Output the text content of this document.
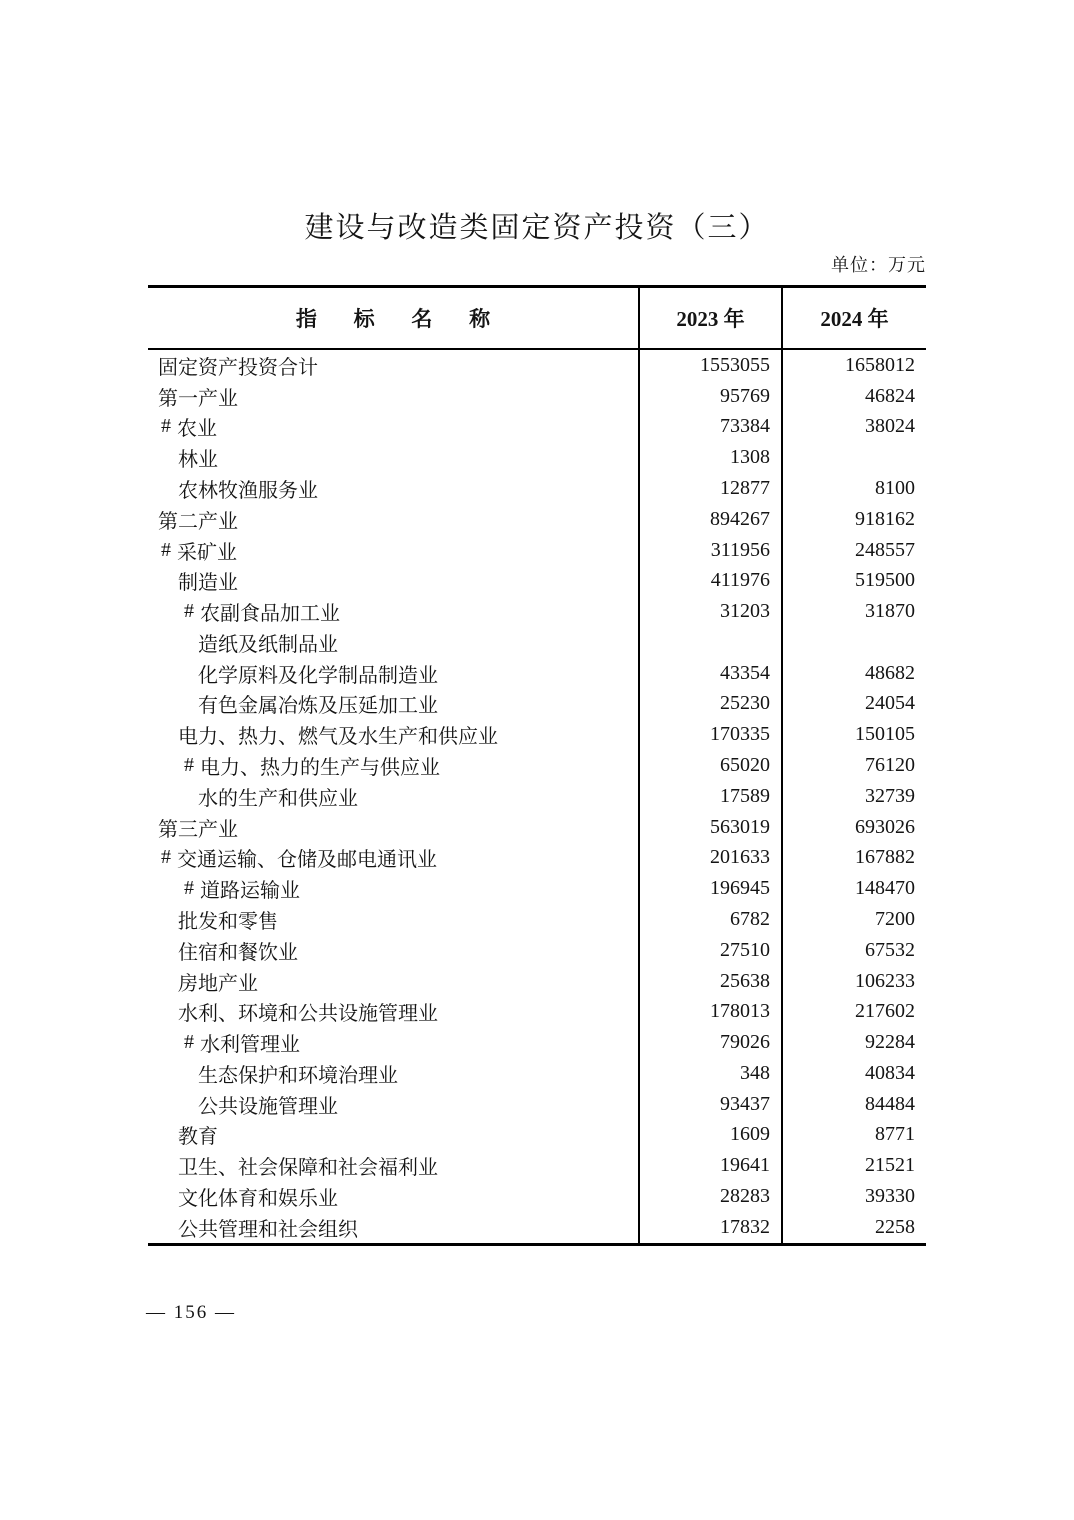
建设与改造类固定资产投资（三）
单位：万元
指标名称	2023 年	2024 年
固定资产投资合计	1553055	1658012
第一产业	95769	46824
# 农业	73384	38024
林业	1308
农林牧渔服务业	12877	8100
第二产业	894267	918162
# 采矿业	311956	248557
制造业	411976	519500
# 农副食品加工业	31203	31870
造纸及纸制品业
化学原料及化学制品制造业	43354	48682
有色金属冶炼及压延加工业	25230	24054
电力、热力、燃气及水生产和供应业	170335	150105
# 电力、热力的生产与供应业	65020	76120
水的生产和供应业	17589	32739
第三产业	563019	693026
# 交通运输、仓储及邮电通讯业	201633	167882
# 道路运输业	196945	148470
批发和零售	6782	7200
住宿和餐饮业	27510	67532
房地产业	25638	106233
水利、环境和公共设施管理业	178013	217602
# 水利管理业	79026	92284
生态保护和环境治理业	348	40834
公共设施管理业	93437	84484
教育	1609	8771
卫生、社会保障和社会福利业	19641	21521
文化体育和娱乐业	28283	39330
公共管理和社会组织	17832	2258
— 156 —
